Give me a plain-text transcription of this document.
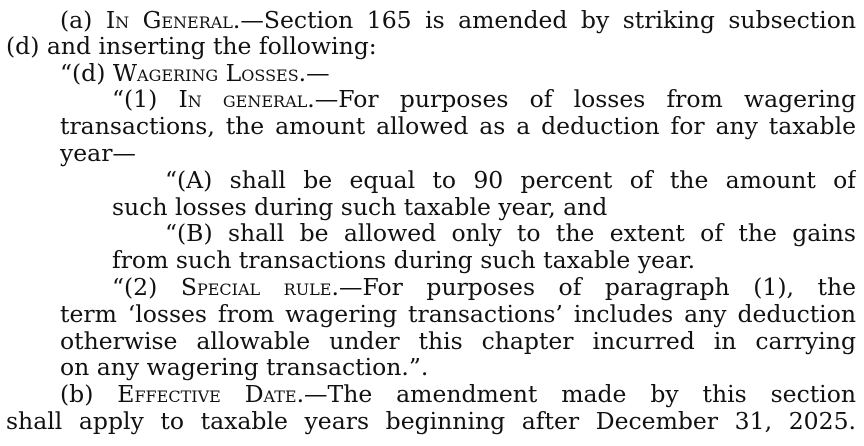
(a) In General.—Section 165 is amended by striking subsection
(d) and inserting the following:
“(d) Wagering Losses.—
“(1) In general.—For purposes of losses from wagering
transactions, the amount allowed as a deduction for any taxable
year—
“(A) shall be equal to 90 percent of the amount of
such losses during such taxable year, and
“(B) shall be allowed only to the extent of the gains
from such transactions during such taxable year.
“(2) Special rule.—For purposes of paragraph (1), the
term ‘losses from wagering transactions’ includes any deduction
otherwise allowable under this chapter incurred in carrying
on any wagering transaction.”.
(b) Effective Date.—The amendment made by this section
shall apply to taxable years beginning after December 31, 2025.
